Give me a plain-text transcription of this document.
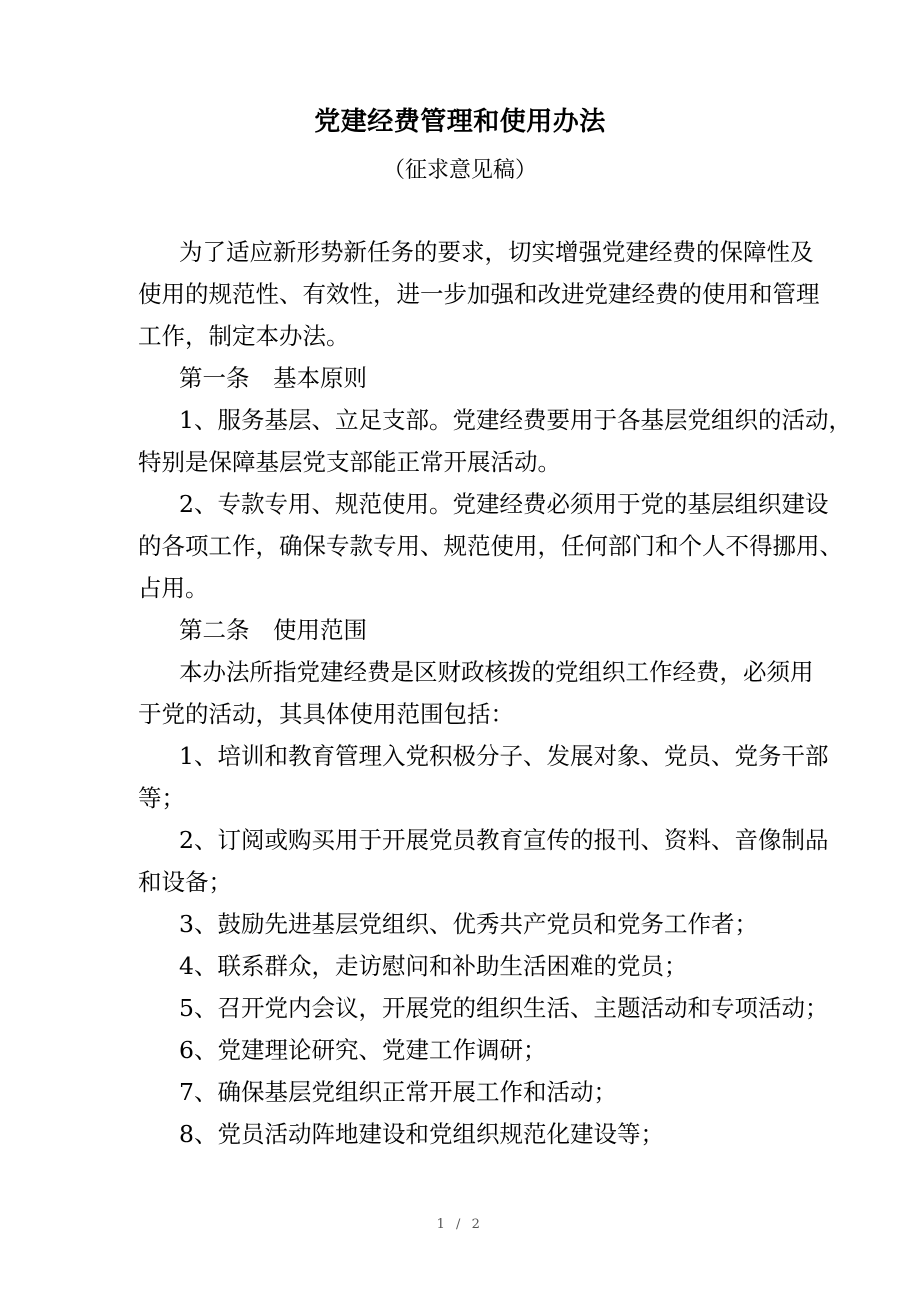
党建经费管理和使用办法
（征求意见稿）
为了适应新形势新任务的要求，切实增强党建经费的保障性及
使用的规范性、有效性，进一步加强和改进党建经费的使用和管理
工作，制定本办法。
第一条　基本原则
1、服务基层、立足支部。党建经费要用于各基层党组织的活动，
特别是保障基层党支部能正常开展活动。
2、专款专用、规范使用。党建经费必须用于党的基层组织建设
的各项工作，确保专款专用、规范使用，任何部门和个人不得挪用、
占用。
第二条　使用范围
本办法所指党建经费是区财政核拨的党组织工作经费，必须用
于党的活动，其具体使用范围包括：
1、培训和教育管理入党积极分子、发展对象、党员、党务干部
等；
2、订阅或购买用于开展党员教育宣传的报刊、资料、音像制品
和设备；
3、鼓励先进基层党组织、优秀共产党员和党务工作者；
4、联系群众，走访慰问和补助生活困难的党员；
5、召开党内会议，开展党的组织生活、主题活动和专项活动；
6、党建理论研究、党建工作调研；
7、确保基层党组织正常开展工作和活动；
8、党员活动阵地建设和党组织规范化建设等；
1 / 2
